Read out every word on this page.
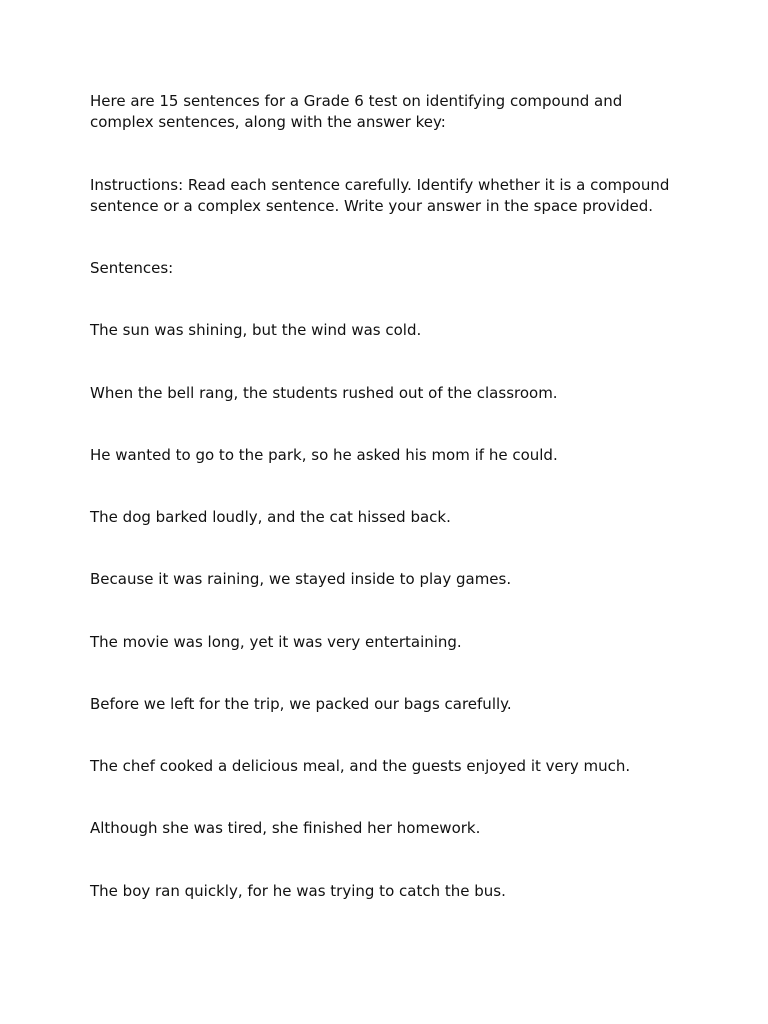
Here are 15 sentences for a Grade 6 test on identifying compound and complex sentences, along with the answer key:

Instructions: Read each sentence carefully. Identify whether it is a compound sentence or a complex sentence. Write your answer in the space provided.

Sentences:

The sun was shining, but the wind was cold.

When the bell rang, the students rushed out of the classroom.

He wanted to go to the park, so he asked his mom if he could.

The dog barked loudly, and the cat hissed back.

Because it was raining, we stayed inside to play games.

The movie was long, yet it was very entertaining.

Before we left for the trip, we packed our bags carefully.

The chef cooked a delicious meal, and the guests enjoyed it very much.

Although she was tired, she finished her homework.

The boy ran quickly, for he was trying to catch the bus.
